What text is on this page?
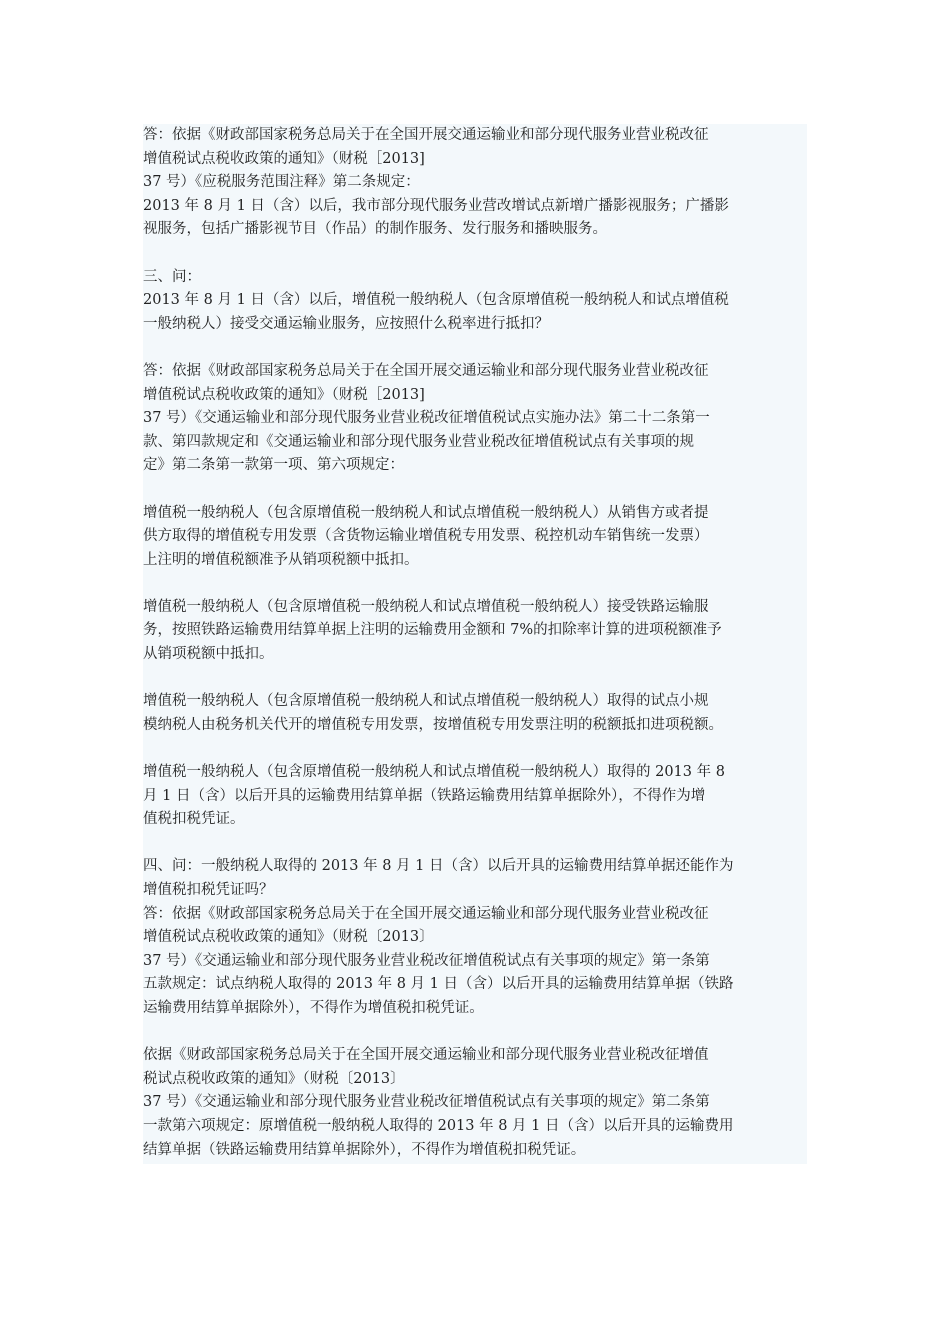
答：依据《财政部国家税务总局关于在全国开展交通运输业和部分现代服务业营业税改征
增值税试点税收政策的通知》（财税［2013]
37 号）《应税服务范围注释》第二条规定：
2013 年 8 月 1 日（含）以后，我市部分现代服务业营改增试点新增广播影视服务；广播影
视服务，包括广播影视节目（作品）的制作服务、发行服务和播映服务。
三、问：
2013 年 8 月 1 日（含）以后，增值税一般纳税人（包含原增值税一般纳税人和试点增值税
一般纳税人）接受交通运输业服务，应按照什么税率进行抵扣？
答：依据《财政部国家税务总局关于在全国开展交通运输业和部分现代服务业营业税改征
增值税试点税收政策的通知》（财税［2013]
37 号）《交通运输业和部分现代服务业营业税改征增值税试点实施办法》第二十二条第一
款、第四款规定和《交通运输业和部分现代服务业营业税改征增值税试点有关事项的规
定》第二条第一款第一项、第六项规定：
增值税一般纳税人（包含原增值税一般纳税人和试点增值税一般纳税人）从销售方或者提
供方取得的增值税专用发票（含货物运输业增值税专用发票、税控机动车销售统一发票）
上注明的增值税额准予从销项税额中抵扣。
增值税一般纳税人（包含原增值税一般纳税人和试点增值税一般纳税人）接受铁路运输服
务，按照铁路运输费用结算单据上注明的运输费用金额和 7%的扣除率计算的进项税额准予
从销项税额中抵扣。
增值税一般纳税人（包含原增值税一般纳税人和试点增值税一般纳税人）取得的试点小规
模纳税人由税务机关代开的增值税专用发票，按增值税专用发票注明的税额抵扣进项税额。
增值税一般纳税人（包含原增值税一般纳税人和试点增值税一般纳税人）取得的 2013 年 8
月 1 日（含）以后开具的运输费用结算单据（铁路运输费用结算单据除外），不得作为增
值税扣税凭证。
四、问：一般纳税人取得的 2013 年 8 月 1 日（含）以后开具的运输费用结算单据还能作为
增值税扣税凭证吗？
答：依据《财政部国家税务总局关于在全国开展交通运输业和部分现代服务业营业税改征
增值税试点税收政策的通知》（财税〔2013〕
37 号）《交通运输业和部分现代服务业营业税改征增值税试点有关事项的规定》第一条第
五款规定：试点纳税人取得的 2013 年 8 月 1 日（含）以后开具的运输费用结算单据（铁路
运输费用结算单据除外），不得作为增值税扣税凭证。
依据《财政部国家税务总局关于在全国开展交通运输业和部分现代服务业营业税改征增值
税试点税收政策的通知》（财税〔2013〕
37 号）《交通运输业和部分现代服务业营业税改征增值税试点有关事项的规定》第二条第
一款第六项规定：原增值税一般纳税人取得的 2013 年 8 月 1 日（含）以后开具的运输费用
结算单据（铁路运输费用结算单据除外），不得作为增值税扣税凭证。
